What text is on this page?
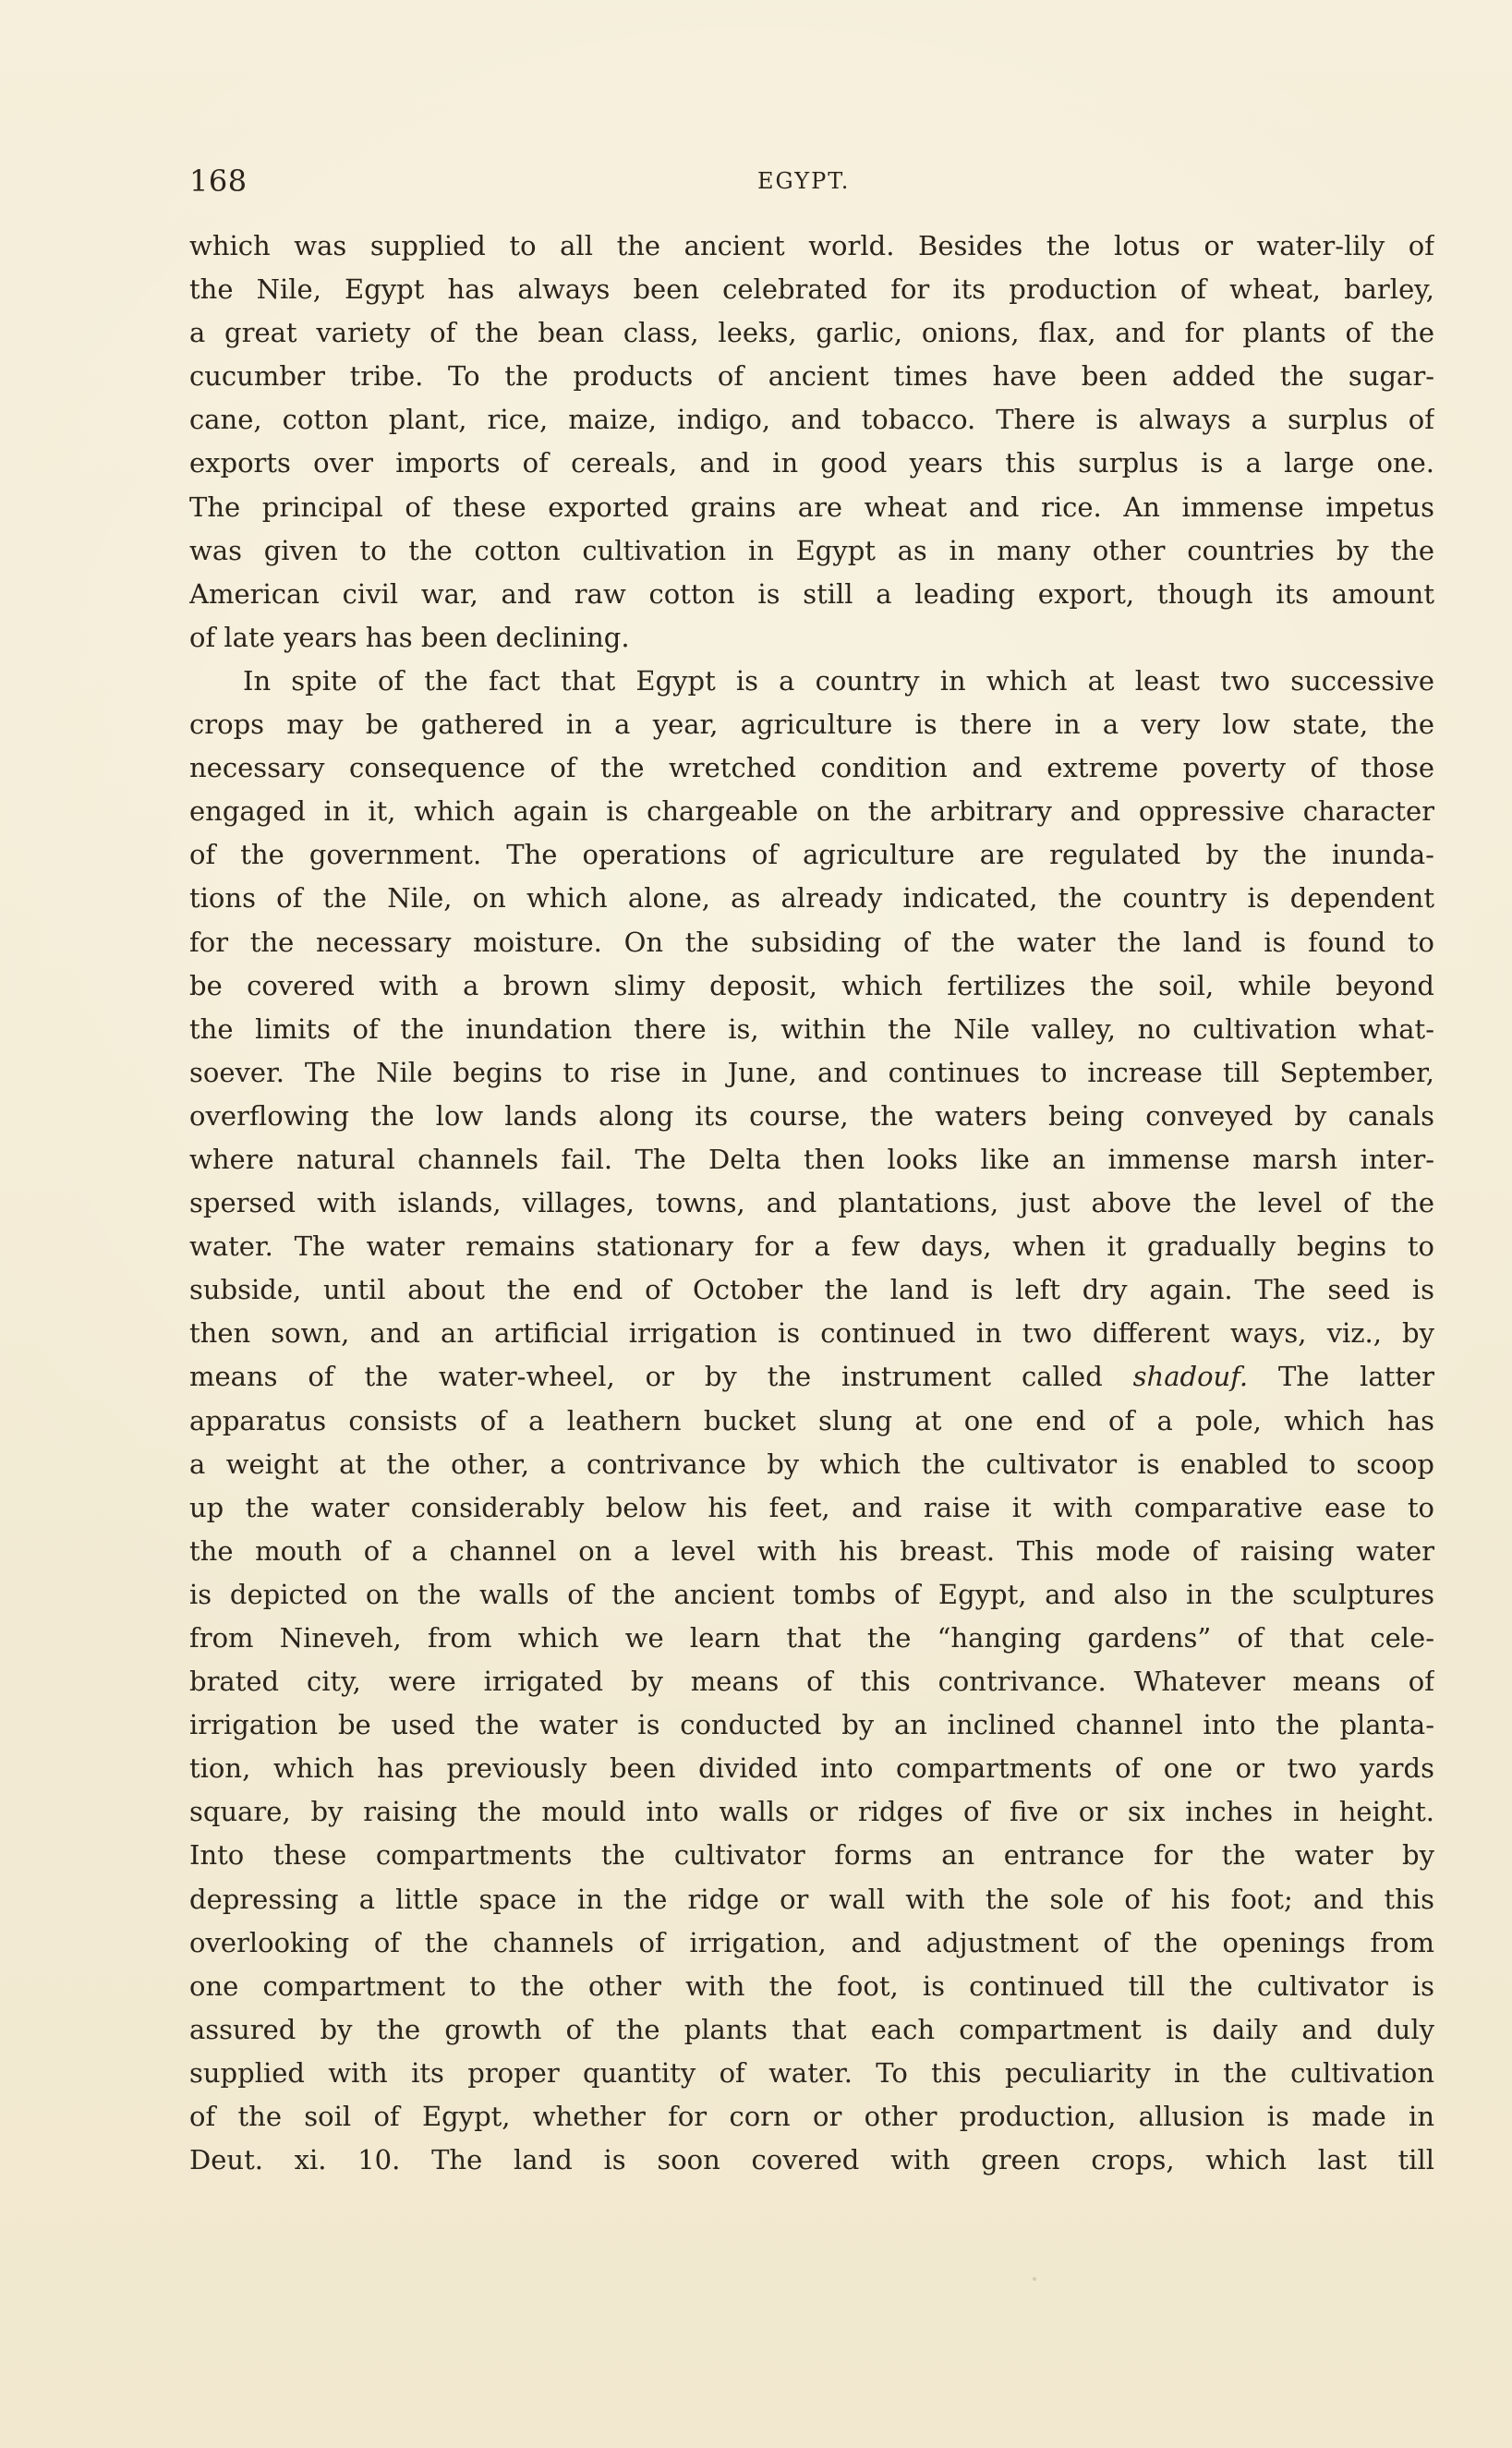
168	EGYPT.
which was supplied to all the ancient world. Besides the lotus or water-lily of
the Nile, Egypt has always been celebrated for its production of wheat, barley,
a great variety of the bean class, leeks, garlic, onions, flax, and for plants of the
cucumber tribe. To the products of ancient times have been added the sugar-
cane, cotton plant, rice, maize, indigo, and tobacco. There is always a surplus of
exports over imports of cereals, and in good years this surplus is a large one.
The principal of these exported grains are wheat and rice. An immense impetus
was given to the cotton cultivation in Egypt as in many other countries by the
American civil war, and raw cotton is still a leading export, though its amount
of late years has been declining.
In spite of the fact that Egypt is a country in which at least two successive
crops may be gathered in a year, agriculture is there in a very low state, the
necessary consequence of the wretched condition and extreme poverty of those
engaged in it, which again is chargeable on the arbitrary and oppressive character
of the government. The operations of agriculture are regulated by the inunda-
tions of the Nile, on which alone, as already indicated, the country is dependent
for the necessary moisture. On the subsiding of the water the land is found to
be covered with a brown slimy deposit, which fertilizes the soil, while beyond
the limits of the inundation there is, within the Nile valley, no cultivation what-
soever. The Nile begins to rise in June, and continues to increase till September,
overflowing the low lands along its course, the waters being conveyed by canals
where natural channels fail. The Delta then looks like an immense marsh inter-
spersed with islands, villages, towns, and plantations, just above the level of the
water. The water remains stationary for a few days, when it gradually begins to
subside, until about the end of October the land is left dry again. The seed is
then sown, and an artificial irrigation is continued in two different ways, viz., by
means of the water-wheel, or by the instrument called shadouf. The latter
apparatus consists of a leathern bucket slung at one end of a pole, which has
a weight at the other, a contrivance by which the cultivator is enabled to scoop
up the water considerably below his feet, and raise it with comparative ease to
the mouth of a channel on a level with his breast. This mode of raising water
is depicted on the walls of the ancient tombs of Egypt, and also in the sculptures
from Nineveh, from which we learn that the “hanging gardens” of that cele-
brated city, were irrigated by means of this contrivance. Whatever means of
irrigation be used the water is conducted by an inclined channel into the planta-
tion, which has previously been divided into compartments of one or two yards
square, by raising the mould into walls or ridges of five or six inches in height.
Into these compartments the cultivator forms an entrance for the water by
depressing a little space in the ridge or wall with the sole of his foot; and this
overlooking of the channels of irrigation, and adjustment of the openings from
one compartment to the other with the foot, is continued till the cultivator is
assured by the growth of the plants that each compartment is daily and duly
supplied with its proper quantity of water. To this peculiarity in the cultivation
of the soil of Egypt, whether for corn or other production, allusion is made in
Deut. xi. 10. The land is soon covered with green crops, which last till
